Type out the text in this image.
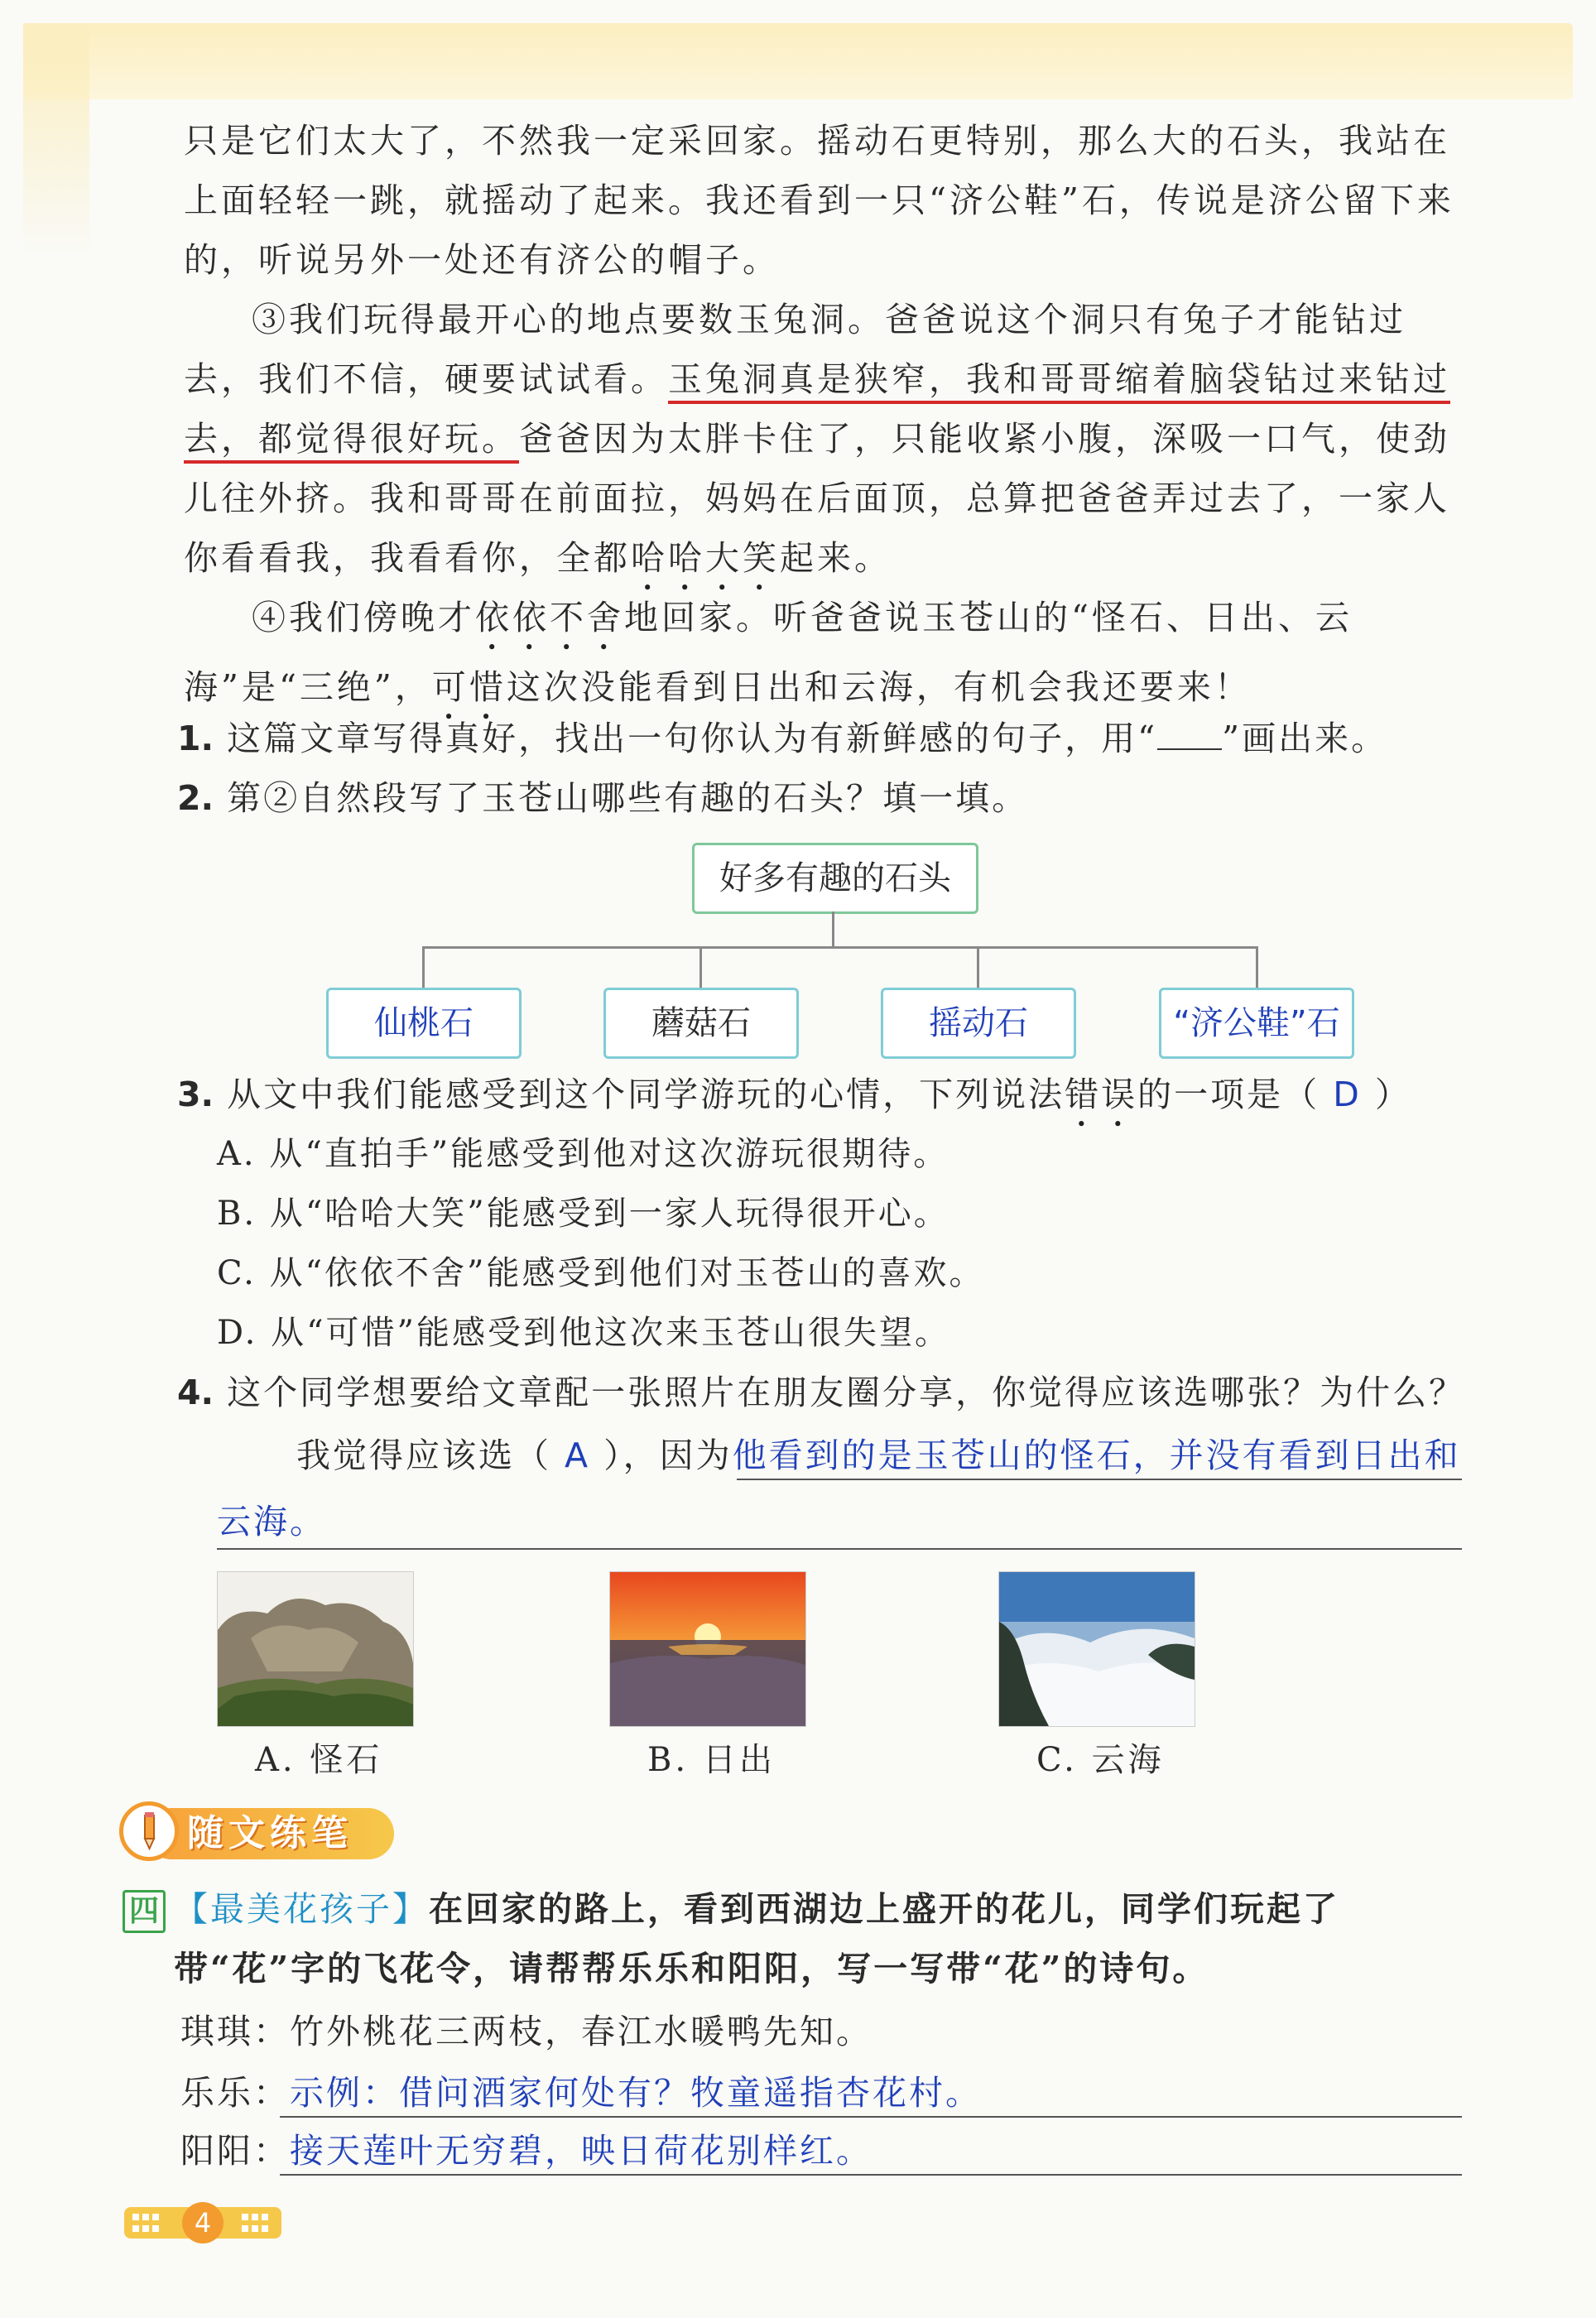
只是它们太大了，不然我一定采回家。摇动石更特别，那么大的石头，我站在
上面轻轻一跳，就摇动了起来。我还看到一只“济公鞋”石，传说是济公留下来
的，听说另外一处还有济公的帽子。

③我们玩得最开心的地点要数玉兔洞。爸爸说这个洞只有兔子才能钻过去，我们不信，硬要试试看。玉兔洞真是狭窄，我和哥哥缩着脑袋钻过来钻过去，都觉得很好玩。爸爸因为太胖卡住了，只能收紧小腹，深吸一口气，使劲儿往外挤。我和哥哥在前面拉，妈妈在后面顶，总算把爸爸弄过去了，一家人你看看我，我看看你，全都哈哈大笑起来。

④我们傍晚才依依不舍地回家。听爸爸说玉苍山的“怪石、日出、云海”是“三绝”，可惜这次没能看到日出和云海，有机会我还要来！

1. 这篇文章写得真好，找出一句你认为有新鲜感的句子，用“ ”画出来。

2. 第②自然段写了玉苍山哪些有趣的石头？填一填。

好多有趣的石头
仙桃石	蘑菇石	摇动石	“济公鞋”石

3. 从文中我们能感受到这个同学游玩的心情，下列说法错误的一项是（ D ）

A. 从“直拍手”能感受到他对这次游玩很期待。

B. 从“哈哈大笑”能感受到一家人玩得很开心。

C. 从“依依不舍”能感受到他们对玉苍山的喜欢。

D. 从“可惜”能感受到他这次来玉苍山很失望。

4. 这个同学想要给文章配一张照片在朋友圈分享，你觉得应该选哪张？为什么？

我觉得应该选（ A ），因为他看到的是玉苍山的怪石，并没有看到日出和

云海。

A. 怪石	B. 日出	C. 云海
随文练笔
四 【最美花孩子】在回家的路上，看到西湖边上盛开的花儿，同学们玩起了带“花”字的飞花令，请帮帮乐乐和阳阳，写一写带“花”的诗句。

琪琪：竹外桃花三两枝，春江水暖鸭先知。

乐乐：示例：借问酒家何处有？牧童遥指杏花村。

阳阳：接天莲叶无穷碧，映日荷花别样红。

4
